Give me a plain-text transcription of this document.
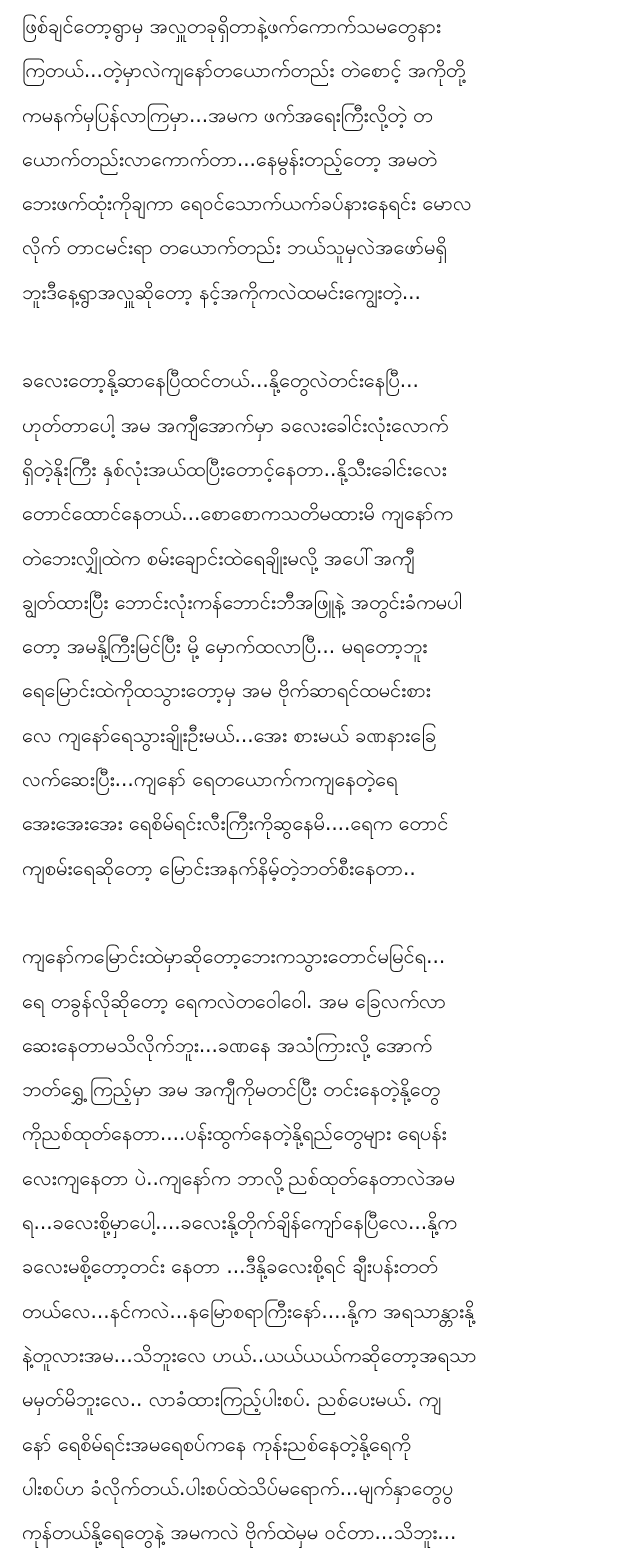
ဖြစ်ချင်တော့ရွာမှ အလှူတခုရှိတာနဲ့ဖက်ကောက်သမတွေနား
ကြတယ်...တဲ့မှာလဲကျနော်တယောက်တည်း တဲစောင့် အကိုတို့
ကမနက်မှပြန်လာကြမှာ...အမက ဖက်အရေးကြီးလို့တဲ့ တ
ယောက်တည်းလာကောက်တာ...နေမွန်းတည့်တော့ အမတဲ
ဘေးဖက်ထုံးကိုချကာ ရေဝင်သောက်ယက်ခပ်နားနေရင်း မောလ
လိုက် တာငမင်းရာ တယောက်တည်း ဘယ်သူမှလဲအဖော်မရှိ
ဘူးဒီနေ့ရွာအလှူဆိုတော့ နင့်အကိုကလဲထမင်းကျွေးတဲ့...
ခလေးတော့နို့ဆာနေပြီထင်တယ်...နို့တွေလဲတင်းနေပြီ...
ဟုတ်တာပေါ့ အမ အကျီအောက်မှာ ခလေးခေါင်းလုံးလောက်
ရှိတဲ့နိုးကြီး နှစ်လုံးအယ်ထပြီးတောင့်နေတာ..နို့သီးခေါင်းလေး
တောင်ထောင်နေတယ်...စောစောကသတိမထားမိ ကျနော်က
တဲဘေးလျှိုထဲက စမ်းချောင်းထဲရေချိုးမလို့ အပေါ်အကျီ
ချွတ်ထားပြီး ဘောင်းလုံးကန်ဘောင်းဘီအဖြူနဲ့ အတွင်းခံကမပါ
တော့ အမနို့ကြီးမြင်ပြီး မို့ မှောက်ထလာပြီ... မရတော့ဘူး
ရေမြောင်းထဲကိုထသွားတော့မှ အမ ဗိုက်ဆာရင်ထမင်းစား
လေ ကျနော်ရေသွားချိုးဦးမယ်...အေး စားမယ် ခဏနားခြေ
လက်ဆေးပြီး...ကျနော် ရေတယောက်ကကျနေတဲ့ရေ
အေးအေးအေး ရေစိမ်ရင်းလီးကြီးကိုဆွနေမိ....ရေက တောင်
ကျစမ်းရေဆိုတော့ မြောင်းအနက်နိမ့်တဲ့ဘတ်စီးနေတာ..
ကျနော်ကမြောင်းထဲမှာဆိုတော့ဘေးကသွားတောင်မမြင်ရ...
ရေ တခွန်လိုဆိုတော့ ရေကလဲတဝေါဝေါ. အမ ခြေလက်လာ
ဆေးနေတာမသိလိုက်ဘူး...ခဏနေ အသံကြားလို့ အောက်
ဘတ်ရွှေ့ ကြည့်မှာ အမ အကျီကိုမတင်ပြီး တင်းနေတဲ့နို့တွေ
ကိုညစ်ထုတ်နေတာ....ပန်းထွက်နေတဲ့နို့ရည်တွေများ ရေပန်း
လေးကျနေတာ ပဲ..ကျနော်က ဘာလို့ညစ်ထုတ်နေတာလဲအမ
ရ...ခလေးစို့မှာပေါ့....ခလေးနို့တိုက်ချိန်ကျော်နေပြီလေ...နို့က
ခလေးမစို့တော့တင်း နေတာ ...ဒီနို့ခလေးစို့ရင် ချီးပန်းတတ်
တယ်လေ...နင်ကလဲ...နမြောစရာကြီးနော်....နို့က အရသာန္တားနို့
နဲ့တူလားအမ...သိဘူးလေ ဟယ်..ယယ်ယယ်ကဆိုတော့အရသာ
မမှတ်မိဘူးလေ.. လာခံထားကြည့်ပါးစပ်. ညစ်ပေးမယ်. ကျ
နော် ရေစိမ်ရင်းအမရေစပ်ကနေ ကုန်းညစ်နေတဲ့နို့ရေကို
ပါးစပ်ဟ ခံလိုက်တယ်.ပါးစပ်ထဲသိပ်မရောက်...မျက်နှာတွေပွ
ကုန်တယ်နို့ရေတွေနဲ့ အမကလဲ ဗိုက်ထဲမှမ ဝင်တာ...သိဘူး...
